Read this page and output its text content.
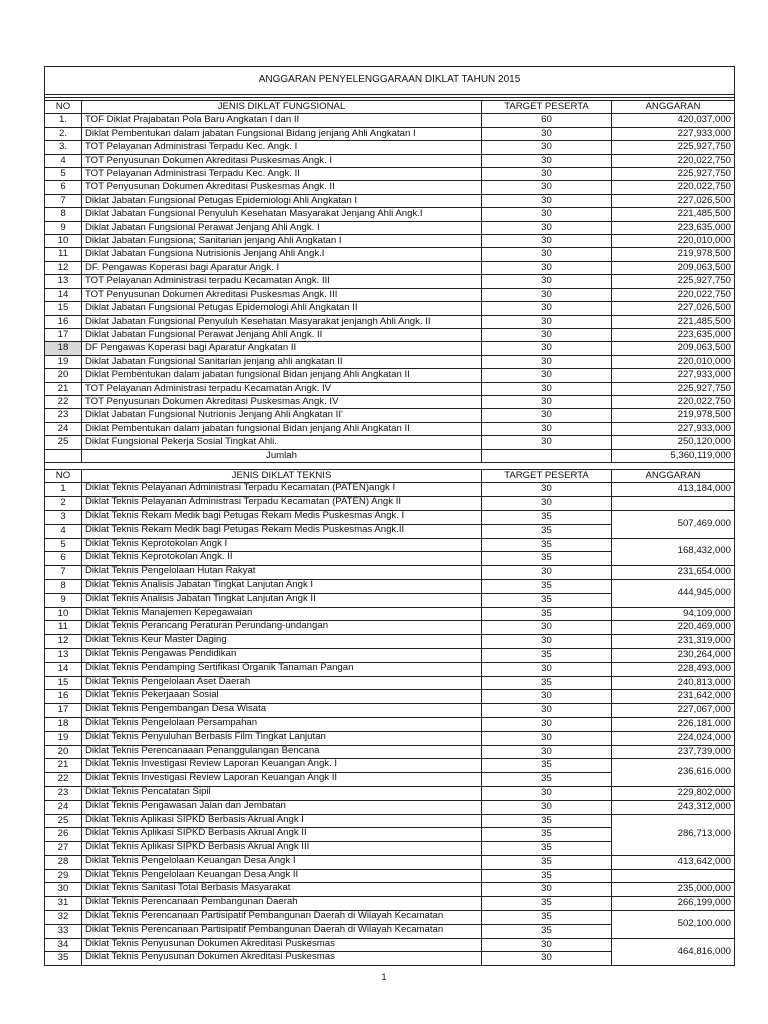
ANGGARAN PENYELENGGARAAN DIKLAT TAHUN 2015			

NO	JENIS DIKLAT FUNGSIONAL	TARGET PESERTA	ANGGARAN
1.	TOF Diklat Prajabatan Pola Baru Angkatan I dan II	60	420,037,000
2.	Diklat Pembentukan dalam jabatan Fungsional Bidang jenjang Ahli Angkatan I	30	227,933,000
3.	TOT Pelayanan Administrasi Terpadu Kec. Angk. I	30	225,927,750
4	TOT Penyusunan Dokumen Akreditasi Puskesmas Angk. I	30	220,022,750
5	TOT Pelayanan Administrasi Terpadu Kec. Angk. II	30	225,927,750
6	TOT Penyusunan Dokumen Akreditasi Puskesmas Angk. II	30	220,022,750
7	Diklat Jabatan Fungsional Petugas Epidemiologi Ahli Angkatan I	30	227,026,500
8	Diklat Jabatan Fungsional Penyuluh Kesehatan Masyarakat Jenjang Ahli Angk.I	30	221,485,500
9	Diklat Jabatan Fungsional Perawat Jenjang Ahli Angk. I	30	223,635,000
10	Diklat Jabatan Fungsiona; Sanitarian jenjang Ahli Angkatan I	30	220,010,000
11	Diklat Jabatan Fungsiona Nutrisionis Jenjang Ahli Angk.I	30	219,978,500
12	DF. Pengawas Koperasi bagi Aparatur Angk. I	30	209,063,500
13	TOT Pelayanan Administrasi terpadu Kecamatan Angk. III	30	225,927,750
14	TOT Penyusunan Dokumen Akreditasi Puskesmas Angk. III	30	220,022,750
15	Diklat Jabatan Fungsional Petugas Epidemologi Ahli Angkatan II	30	227,026,500
16	Diklat Jabatan Fungsional Penyuluh Kesehatan Masyarakat jenjangh Ahli Angk. II	30	221,485,500
17	Diklat Jabatan Fungsional Perawat Jenjang Ahli Angk. II	30	223,635,000
18	DF Pengawas Koperasi bagi Aparatur Angkatan II	30	209,063,500
19	Diklat Jabatan Fungsional Sanitarian jenjang ahli angkatan II	30	220,010,000
20	Diklat Pembentukan dalam jabatan fungsional Bidan jenjang Ahli Angkatan II	30	227,933,000
21	TOT Pelayanan Administrasi terpadu Kecamatan Angk. IV	30	225,927,750
22	TOT Penyusunan Dokumen Akreditasi Puskesmas Angk. IV	30	220,022,750
23	Diklat Jabatan Fungsional Nutrionis Jenjang Ahli Angkatan II'	30	219,978,500
24	Diklat Pembentukan dalam jabatan fungsional Bidan jenjang Ahli Angkatan II	30	227,933,000
25	Diklat Fungsional Pekerja Sosial Tingkat Ahli.	30	250,120,000
	Jumlah		5,360,119,000

NO	JENIS DIKLAT TEKNIS	TARGET PESERTA	ANGGARAN
1	Diklat Teknis Pelayanan Administrasi Terpadu Kecamatan (PATEN)angk I	30	413,184,000
2	Diklat Teknis Pelayanan Administrasi Terpadu Kecamatan (PATEN) Angk II	30	
3	Diklat Teknis Rekam Medik bagi Petugas Rekam Medis Puskesmas Angk. I	35	507,469,000
4	Diklat Teknis Rekam Medik bagi Petugas Rekam Medis Puskesmas Angk.II	35	
5	Diklat Teknis Keprotokolan Angk I	35	168,432,000
6	Diklat Teknis Keprotokolan Angk. II	35	
7	Diklat Teknis Pengelolaan Hutan Rakyat	30	231,654,000
8	Diklat Teknis Analisis Jabatan Tingkat Lanjutan Angk I	35	444,945,000
9	Diklat Teknis Analisis Jabatan Tingkat Lanjutan Angk II	35	
10	Diklat Teknis Manajemen Kepegawaian	35	94,109,000
11	Diklat Teknis Perancang Peraturan Perundang-undangan	30	220,469,000
12	Diklat Teknis Keur Master Daging	30	231,319,000
13	Diklat Teknis Pengawas Pendidikan	35	230,264,000
14	Diklat Teknis Pendamping Sertifikasi Organik Tanaman Pangan	30	228,493,000
15	Diklat Teknis Pengelolaan Aset Daerah	35	240,813,000
16	Diklat Teknis Pekerjaaan Sosial	30	231,642,000
17	Diklat Teknis Pengembangan Desa Wisata	30	227,067,000
18	Diklat Teknis Pengelolaan Persampahan	30	226,181,000
19	Diklat Teknis Penyuluhan Berbasis Film Tingkat Lanjutan	30	224,024,000
20	Diklat Teknis Perencanaaan Penanggulangan Bencana	30	237,739,000
21	Diklat Teknis Investigasi Review Laporan Keuangan Angk. I	35	236,616,000
22	Diklat Teknis Investigasi Review Laporan Keuangan Angk II	35	
23	Diklat Teknis Pencatatan Sipil	30	229,802,000
24	Diklat Teknis Pengawasan Jalan dan Jembatan	30	243,312,000
25	Diklat Teknis Aplikasi SIPKD Berbasis Akrual Angk I	35	286,713,000
26	Diklat Teknis Aplikasi SIPKD Berbasis Akrual Angk II	35	
27	Diklat Teknis Aplikasi SIPKD Berbasis Akrual Angk III	35	
28	Diklat Teknis Pengelolaan Keuangan Desa Angk I	35	413,642,000
29	Diklat Teknis Pengelolaan Keuangan Desa Angk II	35	
30	Diklat Teknis Sanitasi Total Berbasis Masyarakat	30	235,000,000
31	Diklat Teknis Perencanaan Pembangunan Daerah	35	266,199,000
32	Diklat Teknis Perencanaan Partisipatif Pembangunan Daerah di Wilayah Kecamatan	35	502,100,000
33	Diklat Teknis Perencanaan Partisipatif Pembangunan Daerah di Wilayah Kecamatan	35	
34	Diklat Teknis Penyusunan Dokumen Akreditasi Puskesmas	30	464,816,000
35	Diklat Teknis Penyusunan Dokumen Akreditasi Puskesmas	30	
1
